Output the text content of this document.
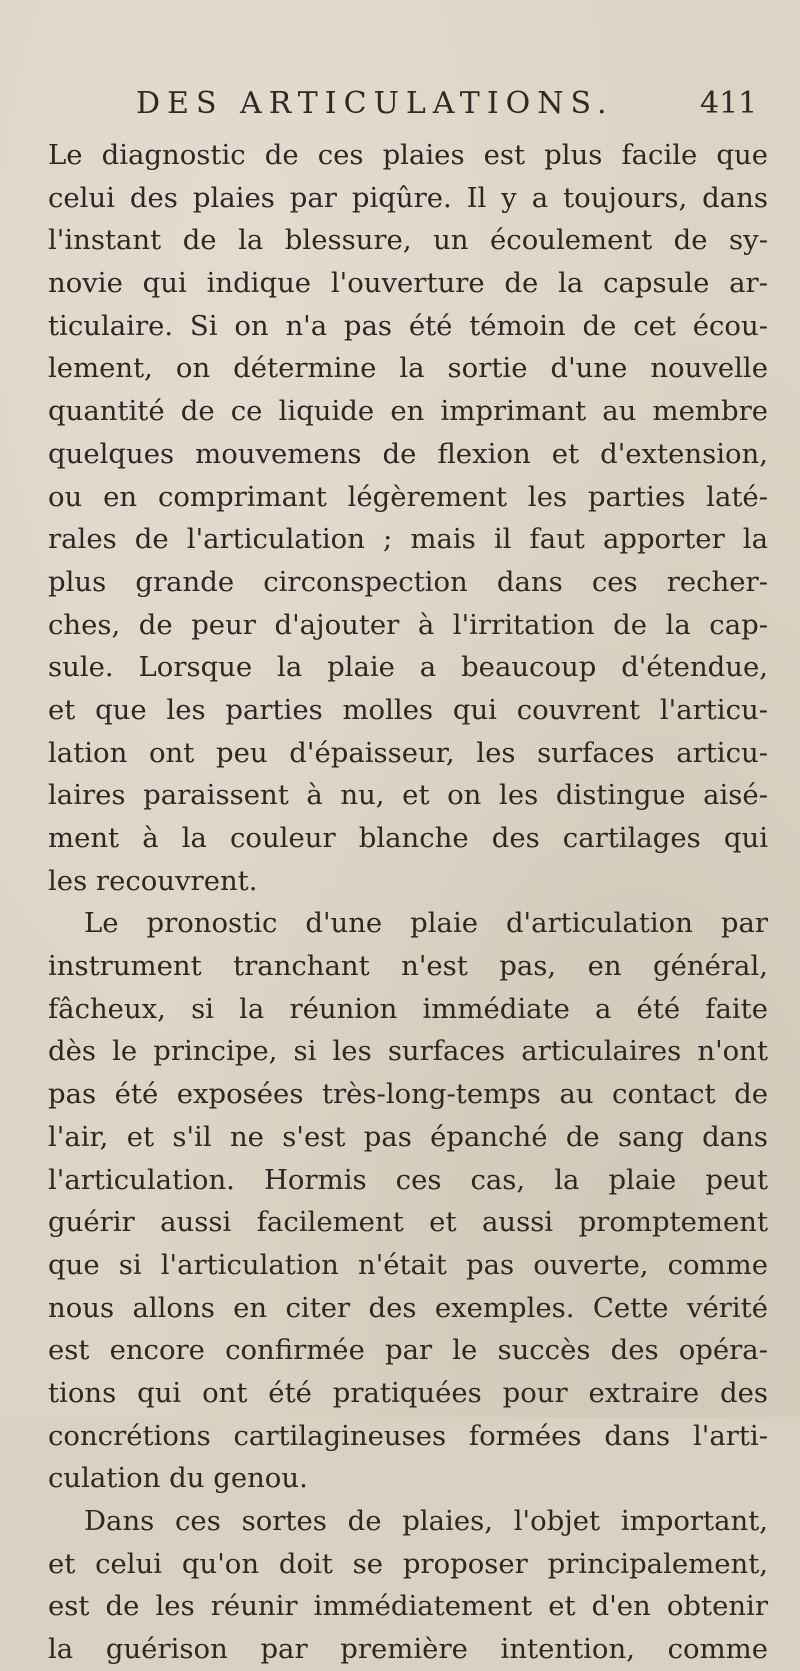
DES ARTICULATIONS.	411
Le diagnostic de ces plaies est plus facile que
celui des plaies par piqûre. Il y a toujours, dans
l'instant de la blessure, un écoulement de sy-
novie qui indique l'ouverture de la capsule ar-
ticulaire. Si on n'a pas été témoin de cet écou-
lement, on détermine la sortie d'une nouvelle
quantité de ce liquide en imprimant au membre
quelques mouvemens de flexion et d'extension,
ou en comprimant légèrement les parties laté-
rales de l'articulation ; mais il faut apporter la
plus grande circonspection dans ces recher-
ches, de peur d'ajouter à l'irritation de la cap-
sule. Lorsque la plaie a beaucoup d'étendue,
et que les parties molles qui couvrent l'articu-
lation ont peu d'épaisseur, les surfaces articu-
laires paraissent à nu, et on les distingue aisé-
ment à la couleur blanche des cartilages qui
les recouvrent.
Le pronostic d'une plaie d'articulation par
instrument tranchant n'est pas, en général,
fâcheux, si la réunion immédiate a été faite
dès le principe, si les surfaces articulaires n'ont
pas été exposées très-long-temps au contact de
l'air, et s'il ne s'est pas épanché de sang dans
l'articulation. Hormis ces cas, la plaie peut
guérir aussi facilement et aussi promptement
que si l'articulation n'était pas ouverte, comme
nous allons en citer des exemples. Cette vérité
est encore confirmée par le succès des opéra-
tions qui ont été pratiquées pour extraire des
concrétions cartilagineuses formées dans l'arti-
culation du genou.
Dans ces sortes de plaies, l'objet important,
et celui qu'on doit se proposer principalement,
est de les réunir immédiatement et d'en obtenir
la guérison par première intention, comme
